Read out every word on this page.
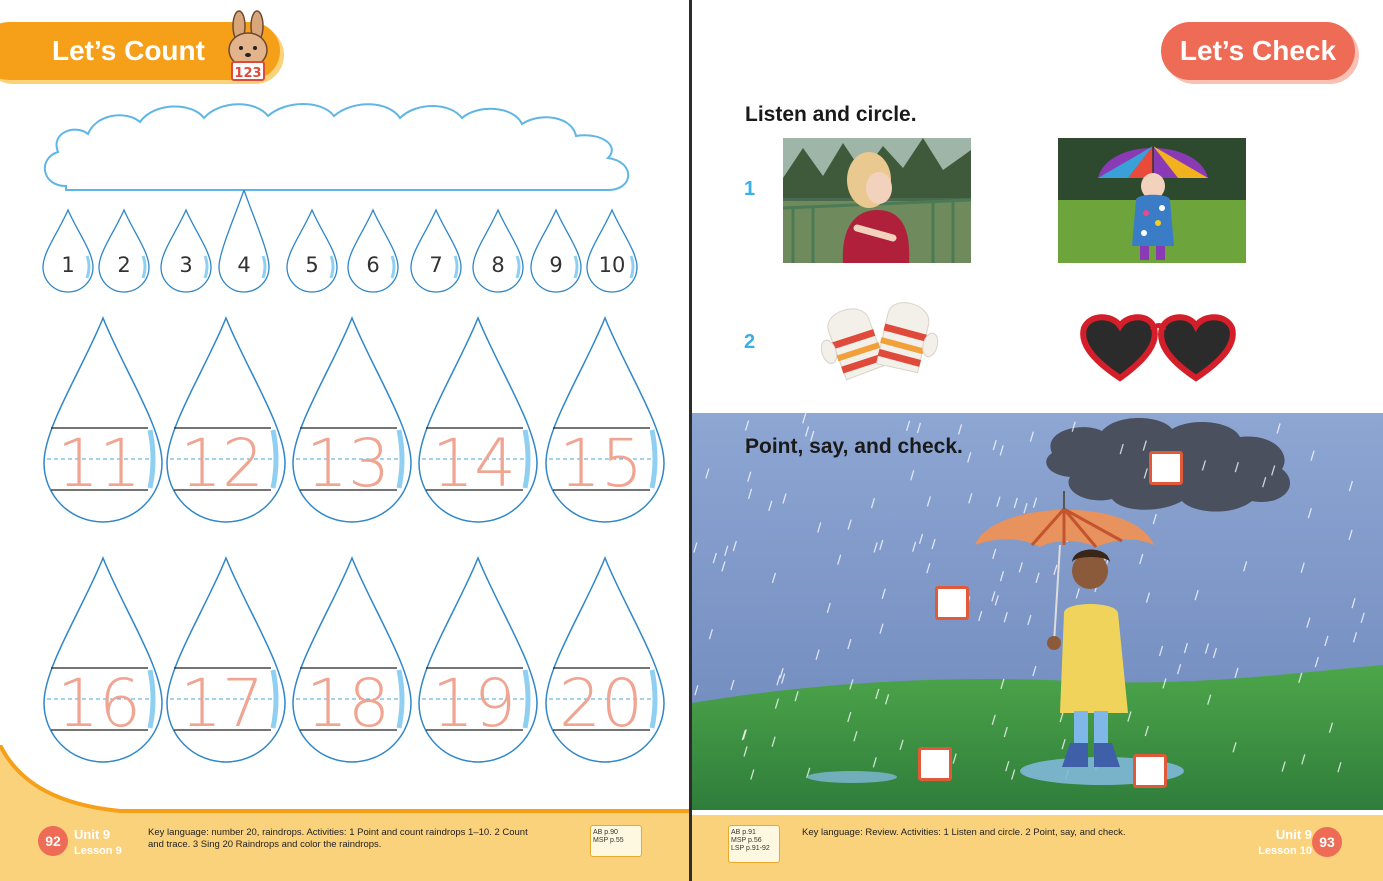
Let’s Count
123
1 2 3 4	5 6 7 8 9 10
11 12 13 14 15
16 17 18 19 20
92	Unit 9
Lesson 9
Key language: number 20, raindrops. Activities: 1 Point and count raindrops 1–10. 2 Count
and trace. 3 Sing 20 Raindrops and color the raindrops.
AB p.90
MSP p.55
Let’s Check
Listen and circle.
1
2
Point, say, and check.
AB p.91
MSP p.56
LSP p.91-92
Key language: Review. Activities: 1 Listen and circle. 2 Point, say, and check.	Unit 9
Lesson 10
93
